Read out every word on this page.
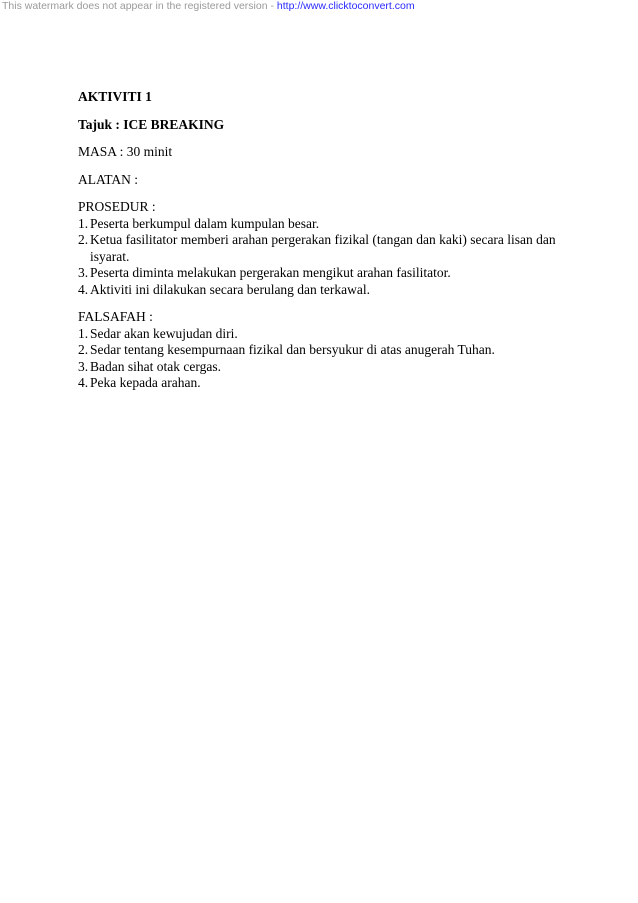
This watermark does not appear in the registered version - http://www.clicktoconvert.com

AKTIVITI 1

Tajuk : ICE BREAKING

MASA : 30 minit

ALATAN :

PROSEDUR :

1. Peserta berkumpul dalam kumpulan besar.
2. Ketua fasilitator memberi arahan pergerakan fizikal (tangan dan kaki) secara lisan dan isyarat.
3. Peserta diminta melakukan pergerakan mengikut arahan fasilitator.
4. Aktiviti ini dilakukan secara berulang dan terkawal.

FALSAFAH :

1. Sedar akan kewujudan diri.
2. Sedar tentang kesempurnaan fizikal dan bersyukur di atas anugerah Tuhan.
3. Badan sihat otak cergas.
4. Peka kepada arahan.
